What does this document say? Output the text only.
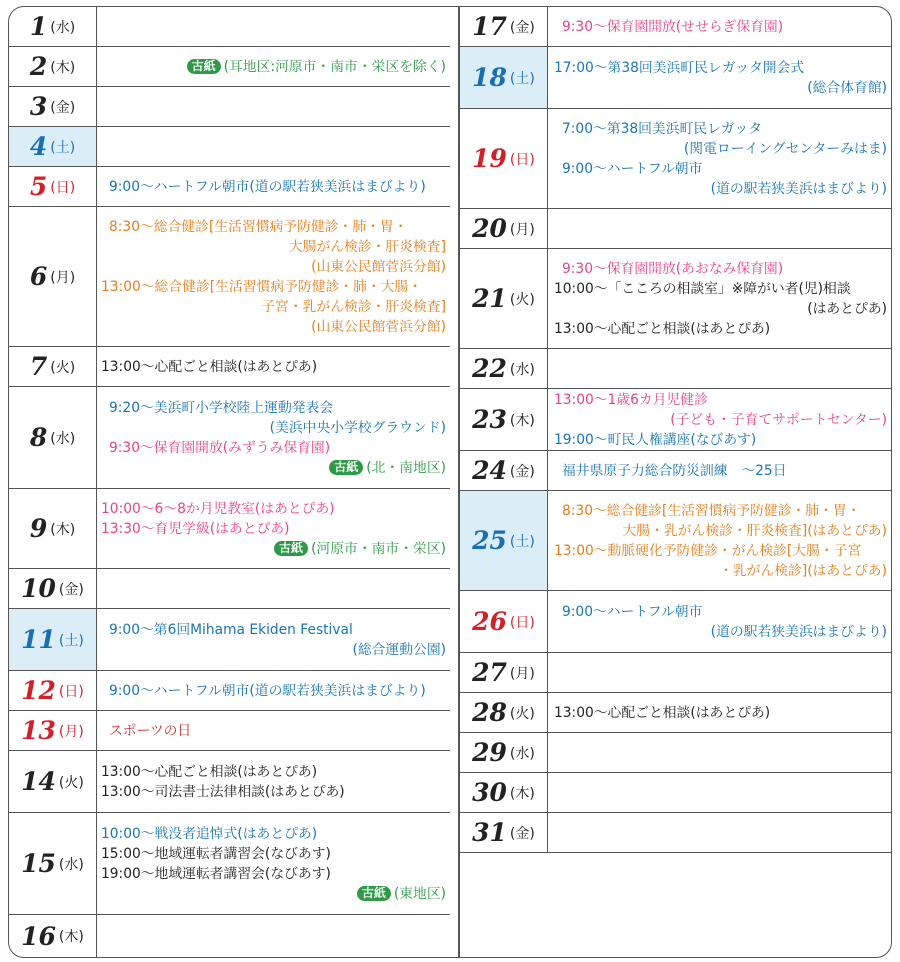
1 (水)
2 (木)	古紙 (耳地区:河原市・南市・栄区を除く)
3 (金)
4 (土)
5 (日)	9:00～ハートフル朝市(道の駅若狭美浜はまびより)
6 (月)
8:30～総合健診[生活習慣病予防健診・肺・胃・
大腸がん検診・肝炎検査]
(山東公民館菅浜分館)
13:00～総合健診[生活習慣病予防健診・肺・大腸・
子宮・乳がん検診・肝炎検査]
(山東公民館菅浜分館)
7 (火) 13:00～心配ごと相談(はあとぴあ)
8 (水)
9:20～美浜町小学校陸上運動発表会
(美浜中央小学校グラウンド)
9:30～保育園開放(みずうみ保育園)
古紙 (北・南地区)
9 (木)
10:00～6～8か月児教室(はあとぴあ)
13:30～育児学級(はあとぴあ)
古紙 (河原市・南市・栄区)
10 (金)
11 (土)
9:00～第6回Mihama Ekiden Festival
(総合運動公園)
12 (日)	9:00～ハートフル朝市(道の駅若狭美浜はまびより)
13 (月)	スポーツの日
14 (火)
13:00～心配ごと相談(はあとぴあ)
13:00～司法書士法律相談(はあとぴあ)
15 (水)
10:00～戦没者追悼式(はあとぴあ)
15:00～地域運転者講習会(なびあす)
19:00～地域運転者講習会(なびあす)
古紙 (東地区)
16 (木)
17 (金)	9:30～保育園開放(せせらぎ保育園)
18 (土)
17:00～第38回美浜町民レガッタ開会式
(総合体育館)
19 (日)
7:00～第38回美浜町民レガッタ
(関電ローイングセンターみはま)
9:00～ハートフル朝市
(道の駅若狭美浜はまびより)
20 (月)
21 (火)
9:30～保育園開放(あおなみ保育園)
10:00～「こころの相談室」※障がい者(児)相談
(はあとぴあ)
13:00～心配ごと相談(はあとぴあ)
22 (水)
23 (木)
13:00～1歳6カ月児健診
(子ども・子育てサポートセンター)
19:00～町民人権講座(なびあす)
24 (金)	福井県原子力総合防災訓練　～25日
25 (土)
8:30～総合健診[生活習慣病予防健診・肺・胃・
大腸・乳がん検診・肝炎検査](はあとぴあ)
13:00～動脈硬化予防健診・がん検診[大腸・子宮
・乳がん検診](はあとぴあ)
26 (日)
9:00～ハートフル朝市
(道の駅若狭美浜はまびより)
27 (月)
28 (火) 13:00～心配ごと相談(はあとぴあ)
29 (水)
30 (木)
31 (金)
